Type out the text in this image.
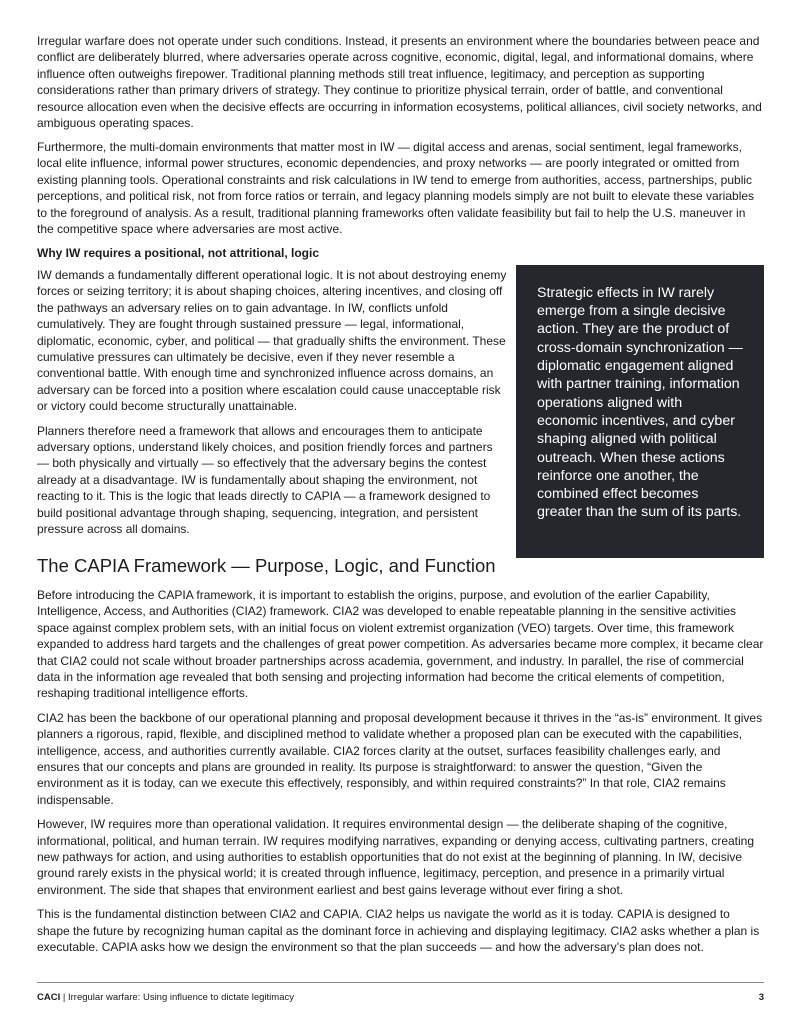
Irregular warfare does not operate under such conditions. Instead, it presents an environment where the boundaries between peace and conflict are deliberately blurred, where adversaries operate across cognitive, economic, digital, legal, and informational domains, where influence often outweighs firepower. Traditional planning methods still treat influence, legitimacy, and perception as supporting considerations rather than primary drivers of strategy. They continue to prioritize physical terrain, order of battle, and conventional resource allocation even when the decisive effects are occurring in information ecosystems, political alliances, civil society networks, and ambiguous operating spaces.

Furthermore, the multi-domain environments that matter most in IW — digital access and arenas, social sentiment, legal frameworks, local elite influence, informal power structures, economic dependencies, and proxy networks — are poorly integrated or omitted from existing planning tools. Operational constraints and risk calculations in IW tend to emerge from authorities, access, partnerships, public perceptions, and political risk, not from force ratios or terrain, and legacy planning models simply are not built to elevate these variables to the foreground of analysis. As a result, traditional planning frameworks often validate feasibility but fail to help the U.S. maneuver in the competitive space where adversaries are most active.

Why IW requires a positional, not attritional, logic

IW demands a fundamentally different operational logic. It is not about destroying enemy forces or seizing territory; it is about shaping choices, altering incentives, and closing off the pathways an adversary relies on to gain advantage. In IW, conflicts unfold cumulatively. They are fought through sustained pressure — legal, informational, diplomatic, economic, cyber, and political — that gradually shifts the environment. These cumulative pressures can ultimately be decisive, even if they never resemble a conventional battle. With enough time and synchronized influence across domains, an adversary can be forced into a position where escalation could cause unacceptable risk or victory could become structurally unattainable.

Planners therefore need a framework that allows and encourages them to anticipate adversary options, understand likely choices, and position friendly forces and partners — both physically and virtually — so effectively that the adversary begins the contest already at a disadvantage. IW is fundamentally about shaping the environment, not reacting to it. This is the logic that leads directly to CAPIA — a framework designed to build positional advantage through shaping, sequencing, integration, and persistent pressure across all domains.

Strategic effects in IW rarely emerge from a single decisive action. They are the product of cross-domain synchronization — diplomatic engagement aligned with partner training, information operations aligned with economic incentives, and cyber shaping aligned with political outreach. When these actions reinforce one another, the combined effect becomes greater than the sum of its parts.

The CAPIA Framework — Purpose, Logic, and Function

Before introducing the CAPIA framework, it is important to establish the origins, purpose, and evolution of the earlier Capability, Intelligence, Access, and Authorities (CIA2) framework. CIA2 was developed to enable repeatable planning in the sensitive activities space against complex problem sets, with an initial focus on violent extremist organization (VEO) targets. Over time, this framework expanded to address hard targets and the challenges of great power competition. As adversaries became more complex, it became clear that CIA2 could not scale without broader partnerships across academia, government, and industry. In parallel, the rise of commercial data in the information age revealed that both sensing and projecting information had become the critical elements of competition, reshaping traditional intelligence efforts.

CIA2 has been the backbone of our operational planning and proposal development because it thrives in the “as-is” environment. It gives planners a rigorous, rapid, flexible, and disciplined method to validate whether a proposed plan can be executed with the capabilities, intelligence, access, and authorities currently available. CIA2 forces clarity at the outset, surfaces feasibility challenges early, and ensures that our concepts and plans are grounded in reality. Its purpose is straightforward: to answer the question, “Given the environment as it is today, can we execute this effectively, responsibly, and within required constraints?” In that role, CIA2 remains indispensable.

However, IW requires more than operational validation. It requires environmental design — the deliberate shaping of the cognitive, informational, political, and human terrain. IW requires modifying narratives, expanding or denying access, cultivating partners, creating new pathways for action, and using authorities to establish opportunities that do not exist at the beginning of planning. In IW, decisive ground rarely exists in the physical world; it is created through influence, legitimacy, perception, and presence in a primarily virtual environment. The side that shapes that environment earliest and best gains leverage without ever firing a shot.

This is the fundamental distinction between CIA2 and CAPIA. CIA2 helps us navigate the world as it is today. CAPIA is designed to shape the future by recognizing human capital as the dominant force in achieving and displaying legitimacy. CIA2 asks whether a plan is executable. CAPIA asks how we design the environment so that the plan succeeds — and how the adversary’s plan does not.

CACI | Irregular warfare: Using influence to dictate legitimacy	3
